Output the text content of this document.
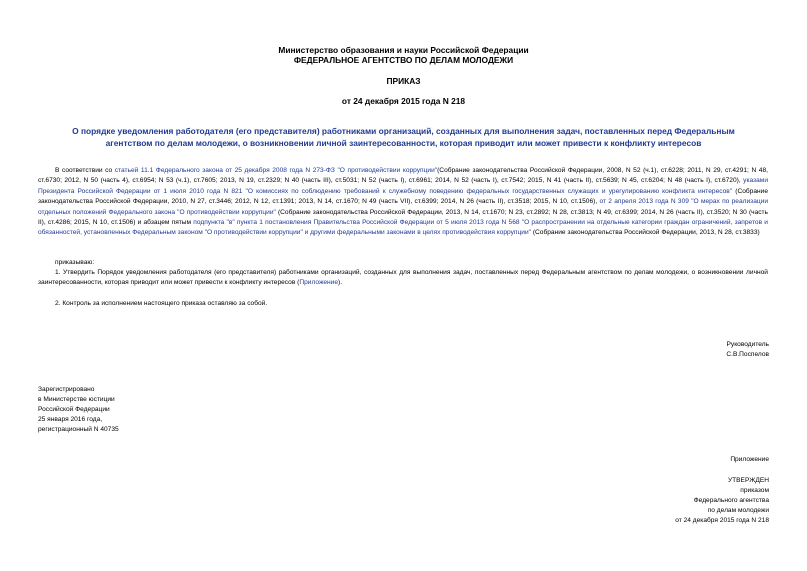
Министерство образования и науки Российской Федерации
ФЕДЕРАЛЬНОЕ АГЕНТСТВО ПО ДЕЛАМ МОЛОДЕЖИ
ПРИКАЗ
от 24 декабря 2015 года N 218
О порядке уведомления работодателя (его представителя) работниками организаций, созданных для выполнения задач, поставленных перед Федеральным агентством по делам молодежи, о возникновении личной заинтересованности, которая приводит или может привести к конфликту интересов
В соответствии со статьей 11.1 Федерального закона от 25 декабря 2008 года N 273-ФЗ "О противодействии коррупции"(Собрание законодательства Российской Федерации, 2008, N 52 (ч.1), ст.6228; 2011, N 29, ст.4291; N 48, ст.6730; 2012, N 50 (часть 4), ст.6954; N 53 (ч.1), ст.7605; 2013, N 19, ст.2329; N 40 (часть III), ст.5031; N 52 (часть I), ст.6961; 2014, N 52 (часть I), ст.7542; 2015, N 41 (часть II), ст.5639; N 45, ст.6204; N 48 (часть I), ст.6720), указами Президента Российской Федерации от 1 июля 2010 года N 821 "О комиссиях по соблюдению требований к служебному поведению федеральных государственных служащих и урегулированию конфликта интересов" (Собрание законодательства Российской Федерации, 2010, N 27, ст.3446; 2012, N 12, ст.1391; 2013, N 14, ст.1670; N 49 (часть VII), ст.6399; 2014, N 26 (часть II), ст.3518; 2015, N 10, ст.1506), от 2 апреля 2013 года N 309 "О мерах по реализации отдельных положений Федерального закона "О противодействии коррупции" (Собрание законодательства Российской Федерации, 2013, N 14, ст.1670; N 23, ст.2892; N 28, ст.3813; N 49, ст.6399; 2014, N 26 (часть II), ст.3520; N 30 (часть II), ст.4286; 2015, N 10, ст.1506) и абзацем пятым подпункта "в" пункта 1 постановления Правительства Российской Федерации от 5 июля 2013 года N 568 "О распространении на отдельные категории граждан ограничений, запретов и обязанностей, установленных Федеральным законом "О противодействии коррупции" и другими федеральными законами в целях противодействия коррупции" (Собрание законодательства Российской Федерации, 2013, N 28, ст.3833)
приказываю:
1. Утвердить Порядок уведомления работодателя (его представителя) работниками организаций, созданных для выполнения задач, поставленных перед Федеральным агентством по делам молодежи, о возникновении личной заинтересованности, которая приводит или может привести к конфликту интересов (Приложение).
2. Контроль за исполнением настоящего приказа оставляю за собой.
Руководитель
С.В.Поспелов
Зарегистрировано
в Министерстве юстиции
Российской Федерации
25 января 2016 года,
регистрационный N 40735
Приложение
УТВЕРЖДЕН
приказом
Федерального агентства
по делам молодежи
от 24 декабря 2015 года N 218
